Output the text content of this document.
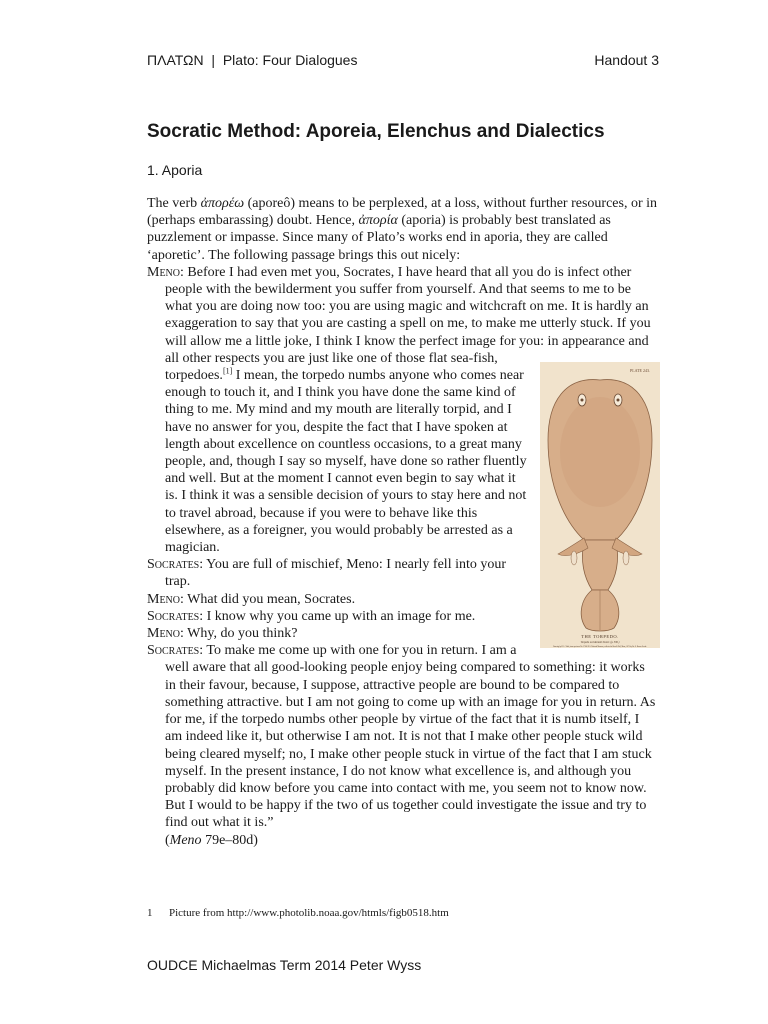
ΠΛΑΤΩΝ  |  Plato: Four Dialogues	Handout 3
Socratic Method: Aporeia, Elenchus and Dialectics
1. Aporia

The verb ἀπορέω (aporeô) means to be perplexed, at a loss, without further resources, or in (perhaps embarassing) doubt. Hence, ἀπορία (aporia) is probably best translated as puzzlement or impasse. Since many of Plato’s works end in aporia, they are called ‘aporetic’. The following passage brings this out nicely:

Meno: Before I had even met you, Socrates, I have heard that all you do is infect other people with the bewilderment you suffer from yourself. And that seems to me to be what you are doing now too: you are using magic and witchcraft on me. It is hardly an exaggeration to say that you are casting a spell on me, to make me utterly stuck. If you will allow me a little joke, I think I know the perfect image for you: in appearance and all other respects you are just like one of those flat sea-fish, torpedoes.[1] I mean, the torpedo numbs anyone who comes near enough to touch it, and I think you have done the same kind of thing to me. My mind and my mouth are literally torpid, and I have no answer for you, despite the fact that I have spoken at length about excellence on countless occasions, to a great many people, and, though I say so myself, have done so rather fluently and well. But at the moment I cannot even begin to say what it is. I think it was a sensible decision of yours to stay here and not to travel abroad, because if you were to behave like this elsewhere, as a foreigner, you would probably be arrested as a magician.

Socrates: You are full of mischief, Meno: I nearly fell into your trap.

Meno: What did you mean, Socrates.

Socrates: I know why you came up with an image for me.

Meno: Why, do you think?

Socrates: To make me come up with one for you in return. I am a well aware that all good-looking people enjoy being compared to something: it works in their favour, because, I suppose, attractive people are bound to be compared to something attractive. but I am not going to come up with an image for you in return. As for me, if the torpedo numbs other people by virtue of the fact that it is numb itself, I am indeed like it, but otherwise I am not. It is not that I make other people stuck wild being cleared myself; no, I make other people stuck in virtue of the fact that I am stuck myself. In the present instance, I do not know what excellence is, and although you probably did know before you came into contact with me, you seem not to know now. But I would to be happy if the two of us together could investigate the issue and try to find out what it is.”
(Meno 79e–80d)

1 Picture from http://www.photolib.noaa.gov/htmls/figb0518.htm
OUDCE Michaelmas Term 2014 Peter Wyss
PLATE 243.
THE TORPEDO.
Torpedo occidentalis Storer. (p. 300.)
Drawing by H. L. Todd, from specimen No. 27566 U.S. National Museum, collected at Wood's Holl, Mass., 1875 by Dr. G. Brown Goode.
